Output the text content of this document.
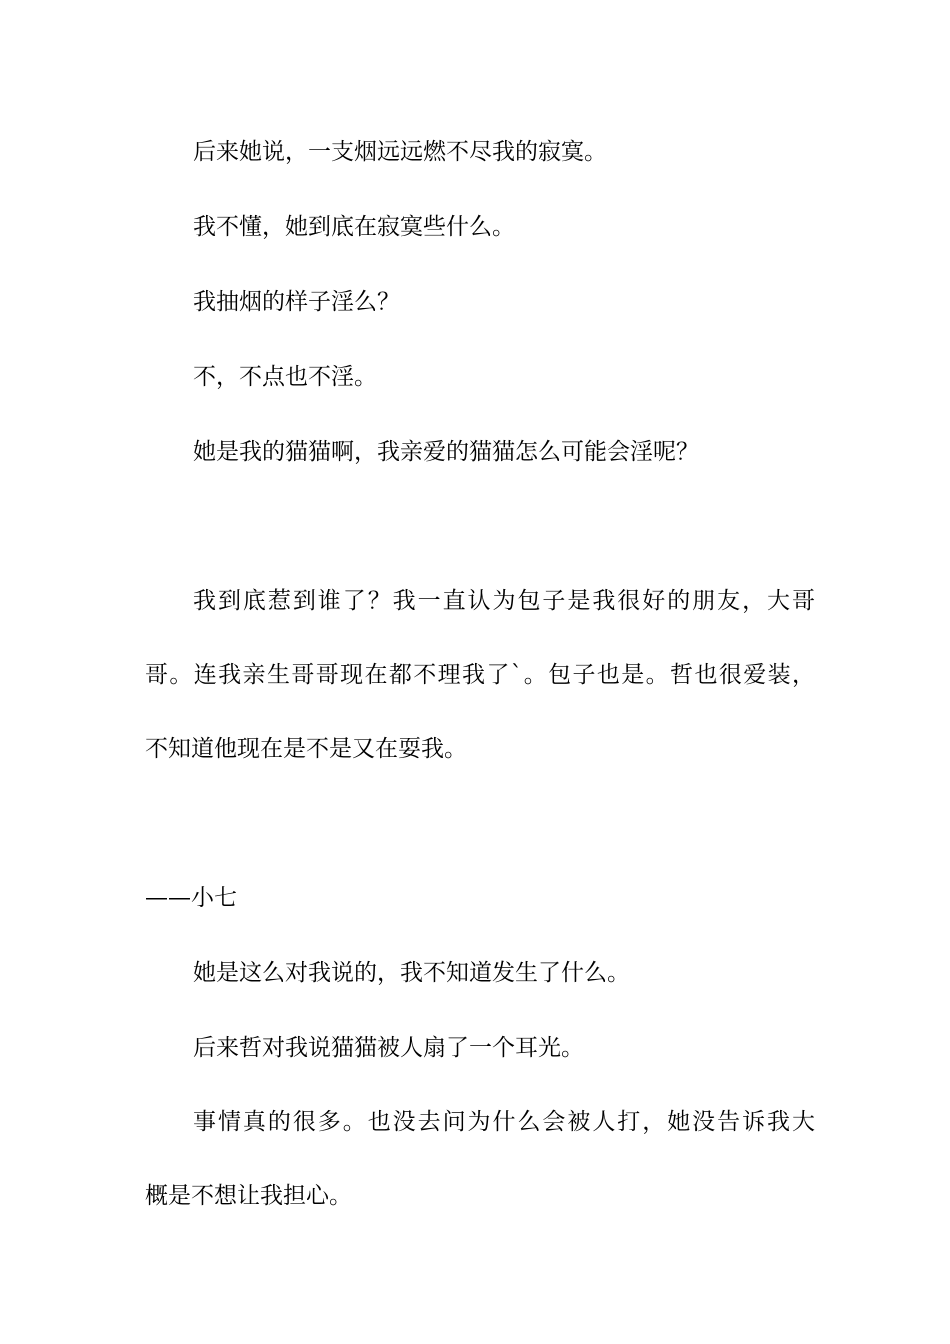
后来她说，一支烟远远燃不尽我的寂寞。
我不懂，她到底在寂寞些什么。
我抽烟的样子淫么？
不，不点也不淫。
她是我的猫猫啊，我亲爱的猫猫怎么可能会淫呢？
我到底惹到谁了？我一直认为包子是我很好的朋友，大哥
哥。连我亲生哥哥现在都不理我了`。包子也是。哲也很爱装，
不知道他现在是不是又在耍我。
——小七
她是这么对我说的，我不知道发生了什么。
后来哲对我说猫猫被人扇了一个耳光。
事情真的很多。也没去问为什么会被人打，她没告诉我大
概是不想让我担心。
